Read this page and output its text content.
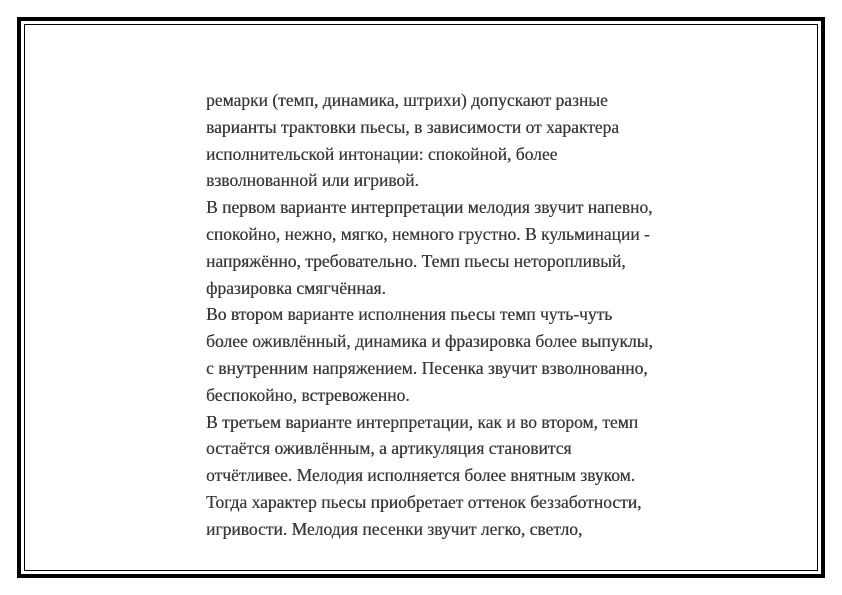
ремарки (темп, динамика, штрихи) допускают разные
варианты трактовки пьесы, в зависимости от характера
исполнительской интонации: спокойной, более
взволнованной или игривой.
В первом варианте интерпретации мелодия звучит напевно,
спокойно, нежно, мягко, немного грустно. В кульминации -
напряжённо, требовательно. Темп пьесы неторопливый,
фразировка смягчённая.
Во втором варианте исполнения пьесы темп чуть-чуть
более оживлённый, динамика и фразировка более выпуклы,
с внутренним напряжением. Песенка звучит взволнованно,
беспокойно, встревоженно.
В третьем варианте интерпретации, как и во втором, темп
остаётся оживлённым, а артикуляция становится
отчётливее. Мелодия исполняется более внятным звуком.
Тогда характер пьесы приобретает оттенок беззаботности,
игривости. Мелодия песенки звучит легко, светло,
